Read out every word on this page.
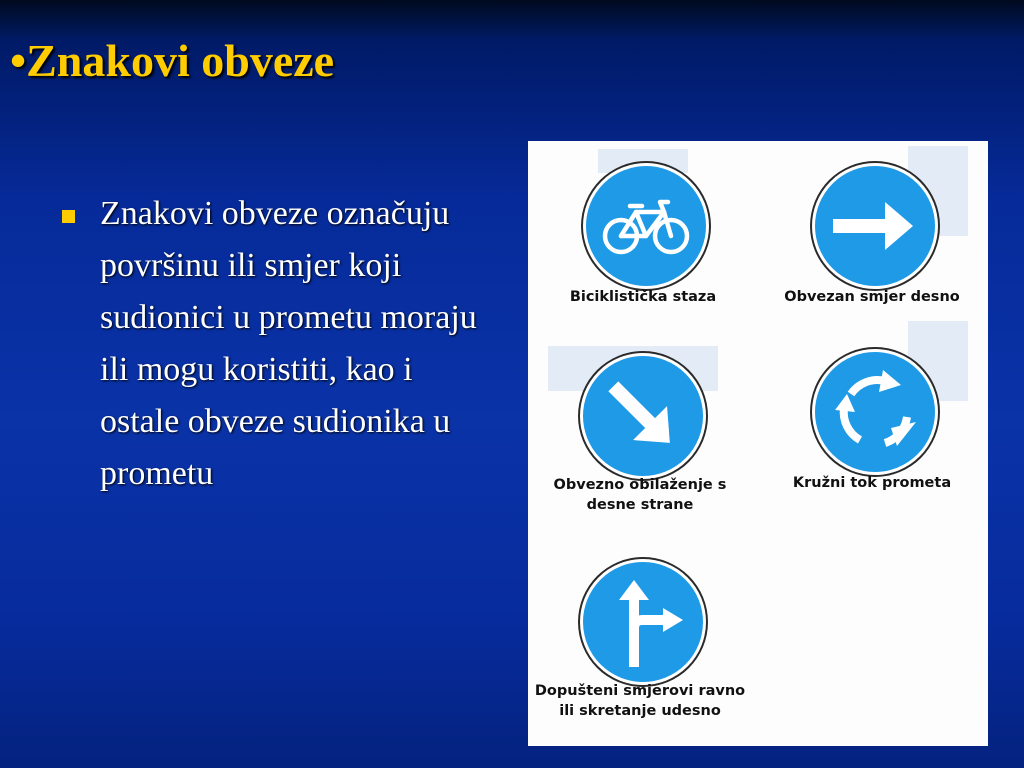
•Znakovi obveze

Znakovi obveze označuju površinu ili smjer koji sudionici u prometu moraju ili mogu koristiti, kao i ostale obveze sudionika u prometu

Biciklistička staza	Obvezan smjer desno

Obvezno obilaženje s desne strane

Kružni tok prometa

Dopušteni smjerovi ravno ili skretanje udesno
